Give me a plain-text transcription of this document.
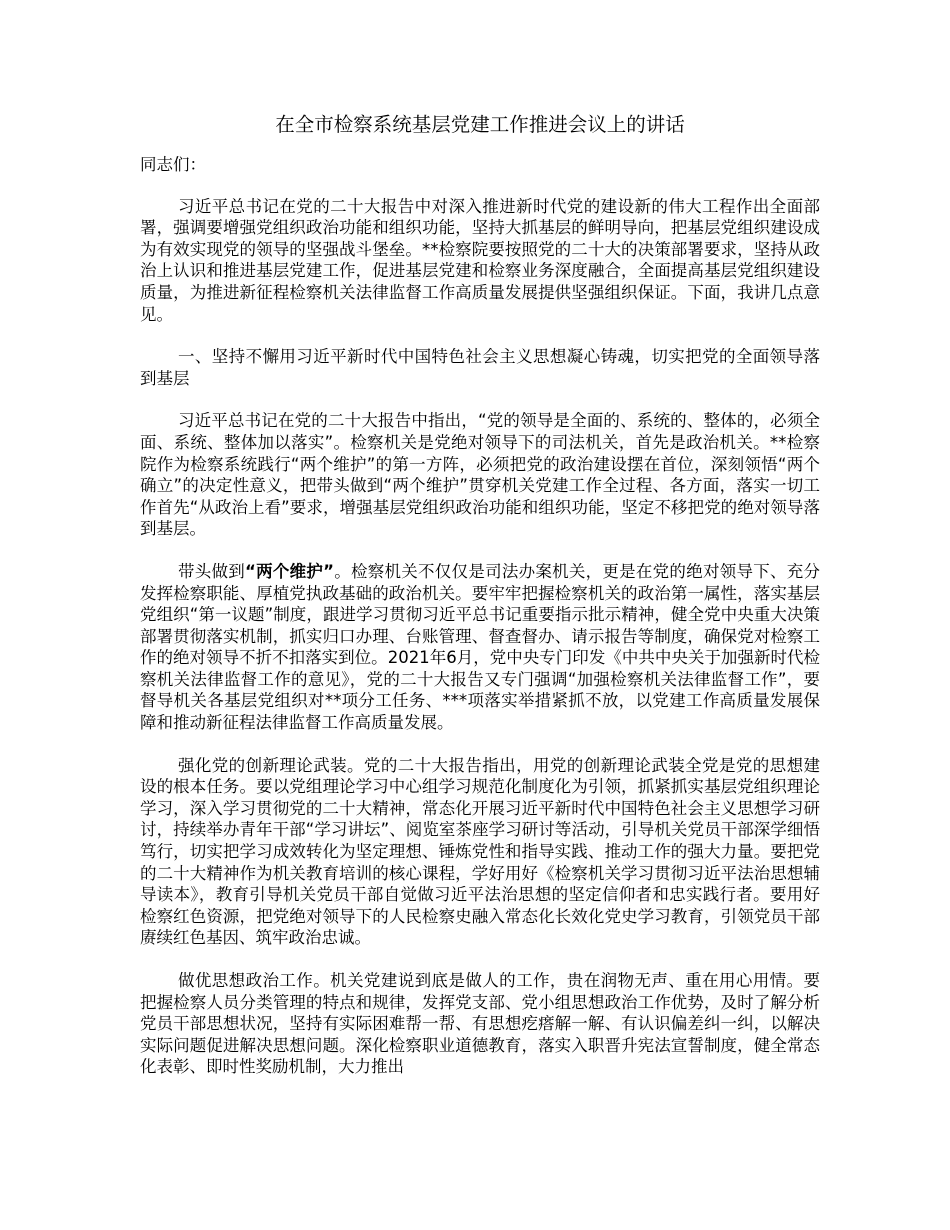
在全市检察系统基层党建工作推进会议上的讲话

同志们：

习近平总书记在党的二十大报告中对深入推进新时代党的建设新的伟大工程作出全面部署，强调要增强党组织政治功能和组织功能，坚持大抓基层的鲜明导向，把基层党组织建设成为有效实现党的领导的坚强战斗堡垒。**检察院要按照党的二十大的决策部署要求，坚持从政治上认识和推进基层党建工作，促进基层党建和检察业务深度融合，全面提高基层党组织建设质量，为推进新征程检察机关法律监督工作高质量发展提供坚强组织保证。下面，我讲几点意见。

一、坚持不懈用习近平新时代中国特色社会主义思想凝心铸魂，切实把党的全面领导落到基层

习近平总书记在党的二十大报告中指出，“党的领导是全面的、系统的、整体的，必须全面、系统、整体加以落实”。检察机关是党绝对领导下的司法机关，首先是政治机关。**检察院作为检察系统践行“两个维护”的第一方阵，必须把党的政治建设摆在首位，深刻领悟“两个确立”的决定性意义，把带头做到“两个维护”贯穿机关党建工作全过程、各方面，落实一切工作首先“从政治上看”要求，增强基层党组织政治功能和组织功能，坚定不移把党的绝对领导落到基层。

带头做到“两个维护”。检察机关不仅仅是司法办案机关，更是在党的绝对领导下、充分发挥检察职能、厚植党执政基础的政治机关。要牢牢把握检察机关的政治第一属性，落实基层党组织“第一议题”制度，跟进学习贯彻习近平总书记重要指示批示精神，健全党中央重大决策部署贯彻落实机制，抓实归口办理、台账管理、督查督办、请示报告等制度，确保党对检察工作的绝对领导不折不扣落实到位。2021年6月，党中央专门印发《中共中央关于加强新时代检察机关法律监督工作的意见》，党的二十大报告又专门强调“加强检察机关法律监督工作”，要督导机关各基层党组织对**项分工任务、***项落实举措紧抓不放，以党建工作高质量发展保障和推动新征程法律监督工作高质量发展。

强化党的创新理论武装。党的二十大报告指出，用党的创新理论武装全党是党的思想建设的根本任务。要以党组理论学习中心组学习规范化制度化为引领，抓紧抓实基层党组织理论学习，深入学习贯彻党的二十大精神，常态化开展习近平新时代中国特色社会主义思想学习研讨，持续举办青年干部“学习讲坛”、阅览室茶座学习研讨等活动，引导机关党员干部深学细悟笃行，切实把学习成效转化为坚定理想、锤炼党性和指导实践、推动工作的强大力量。要把党的二十大精神作为机关教育培训的核心课程，学好用好《检察机关学习贯彻习近平法治思想辅导读本》，教育引导机关党员干部自觉做习近平法治思想的坚定信仰者和忠实践行者。要用好检察红色资源，把党绝对领导下的人民检察史融入常态化长效化党史学习教育，引领党员干部赓续红色基因、筑牢政治忠诚。

做优思想政治工作。机关党建说到底是做人的工作，贵在润物无声、重在用心用情。要把握检察人员分类管理的特点和规律，发挥党支部、党小组思想政治工作优势，及时了解分析党员干部思想状况，坚持有实际困难帮一帮、有思想疙瘩解一解、有认识偏差纠一纠，以解决实际问题促进解决思想问题。深化检察职业道德教育，落实入职晋升宪法宣誓制度，健全常态化表彰、即时性奖励机制，大力推出
